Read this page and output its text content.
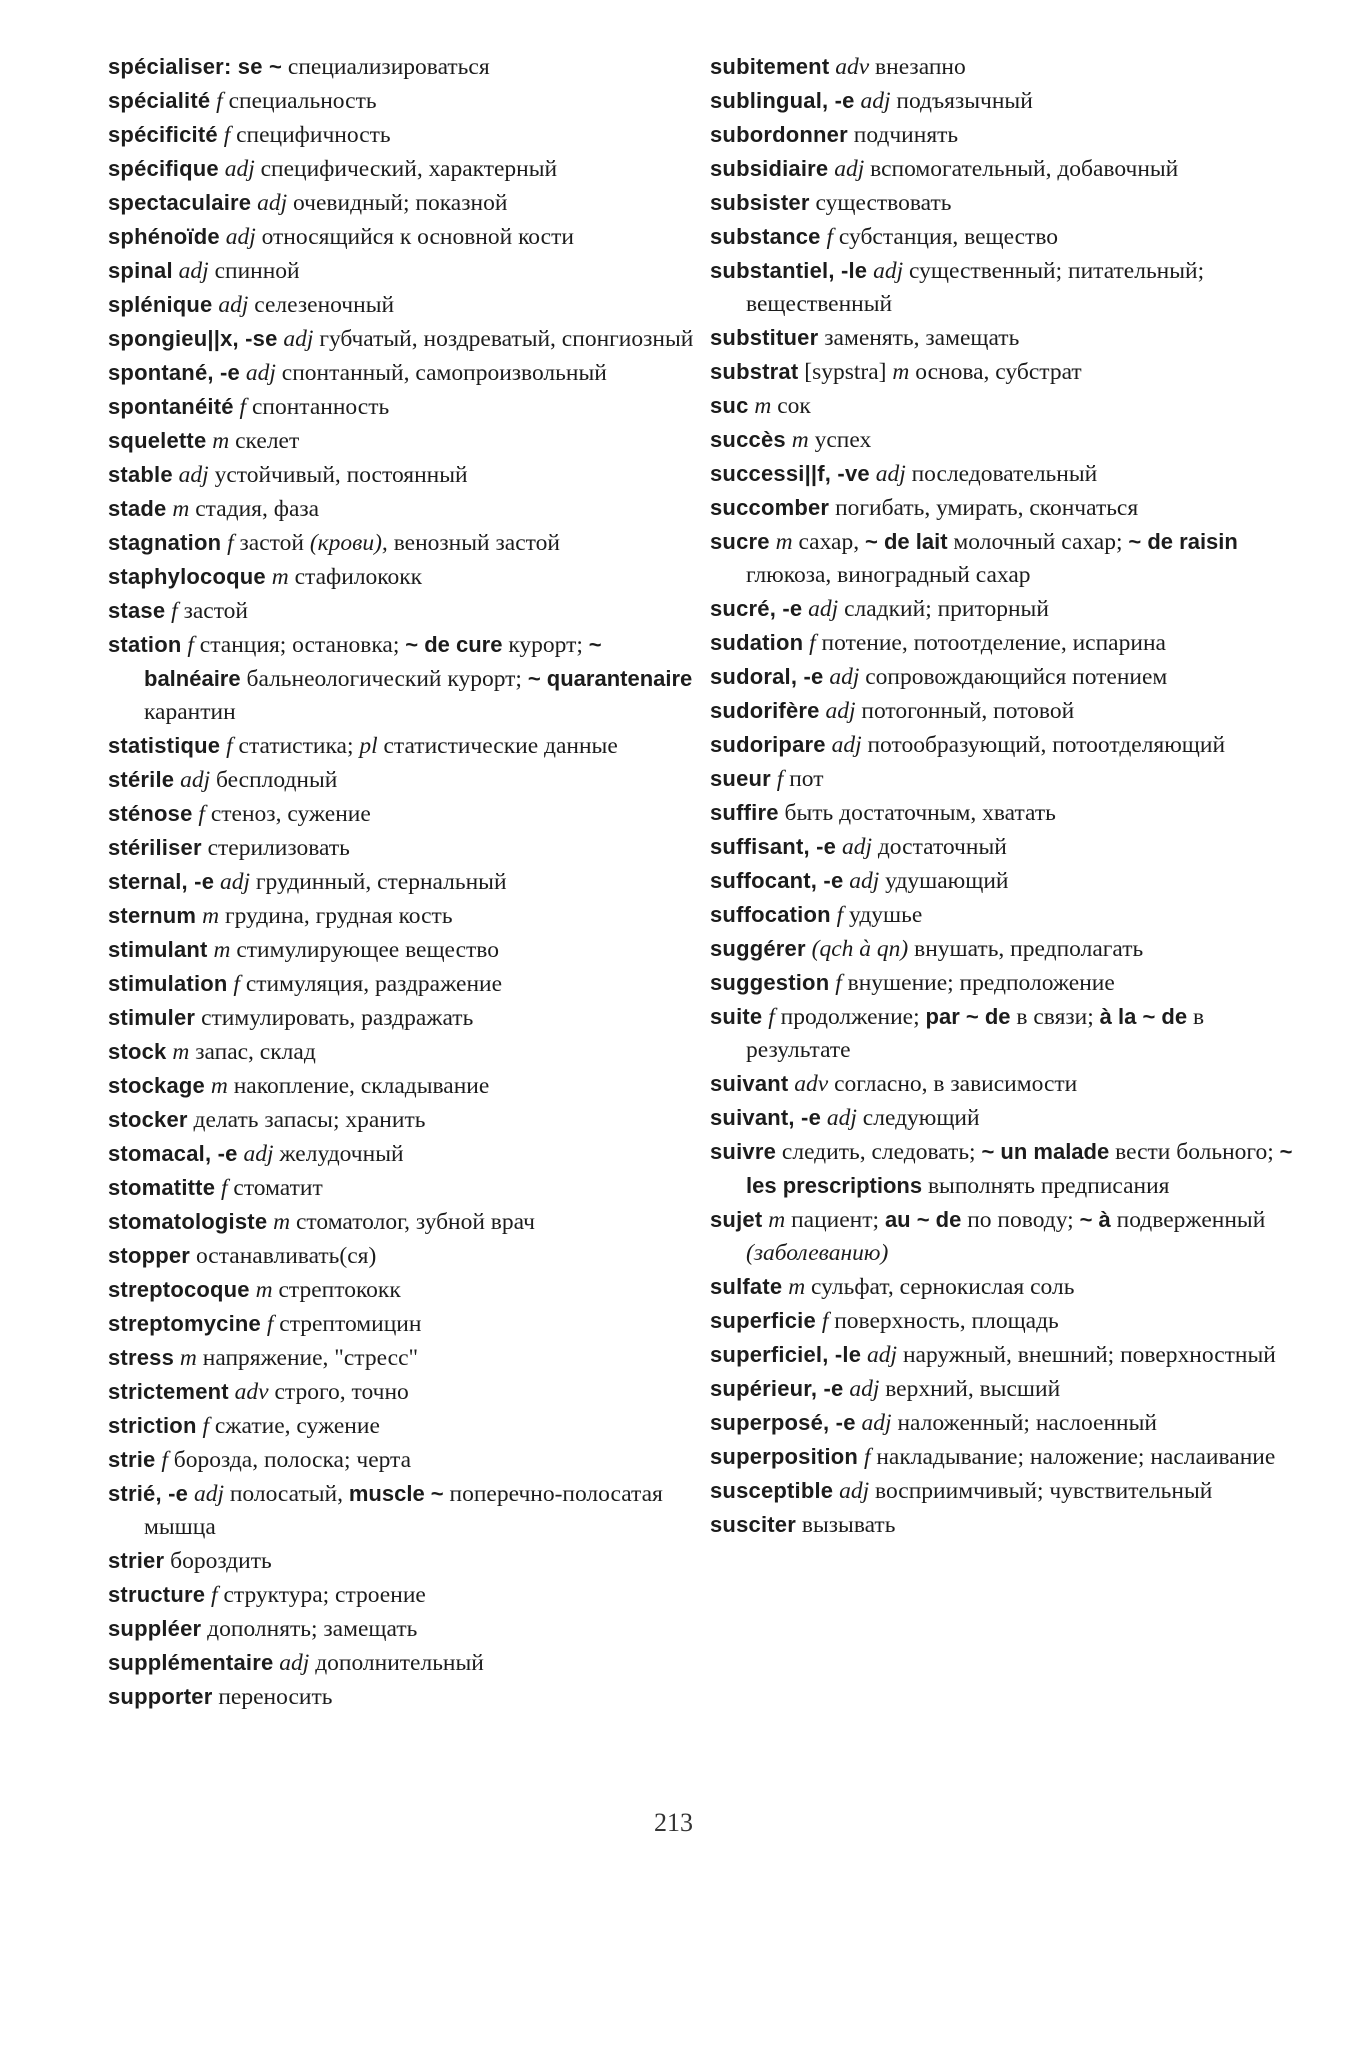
spécialiser: se ~ специализироваться
spécialité f специальность
spécificité f специфичность
spécifique adj специфический, характерный
spectaculaire adj очевидный; показной
sphénoïde adj относящийся к основной кости
spinal adj спинной
splénique adj селезеночный
spongieu||x, -se adj губчатый, ноздреватый, спонгиозный
spontané, -e adj спонтанный, самопроизвольный
spontanéité f спонтанность
squelette m скелет
stable adj устойчивый, постоянный
stade m стадия, фаза
stagnation f застой (крови), венозный застой
staphylocoque m стафилококк
stase f застой
station f станция; остановка; ~ de cure курорт; ~ balnéaire бальнеологический курорт; ~ quarantenaire карантин
statistique f статистика; pl статистические данные
stérile adj бесплодный
sténose f стеноз, сужение
stériliser стерилизовать
sternal, -e adj грудинный, стернальный
sternum m грудина, грудная кость
stimulant m стимулирующее вещество
stimulation f стимуляция, раздражение
stimuler стимулировать, раздражать
stock m запас, склад
stockage m накопление, складывание
stocker делать запасы; хранить
stomacal, -e adj желудочный
stomatitte f стоматит
stomatologiste m стоматолог, зубной врач
stopper останавливать(ся)
streptocoque m стрептококк
streptomycine f стрептомицин
stress m напряжение, "стресс"
strictement adv строго, точно
striction f сжатие, сужение
strie f борозда, полоска; черта
strié, -e adj полосатый, muscle ~ поперечно-полосатая мышца
strier бороздить
structure f структура; строение
suppléer дополнять; замещать
supplémentaire adj дополнительный
supporter переносить
subitement adv внезапно
sublingual, -e adj подъязычный
subordonner подчинять
subsidiaire adj вспомогательный, добавочный
subsister существовать
substance f субстанция, вещество
substantiel, -le adj существенный; питательный; вещественный
substituer заменять, замещать
substrat [sypstra] m основа, субстрат
suc m сок
succès m успех
successi||f, -ve adj последовательный
succomber погибать, умирать, скончаться
sucre m сахар, ~ de lait молочный сахар; ~ de raisin глюкоза, виноградный сахар
sucré, -e adj сладкий; приторный
sudation f потение, потоотделение, испарина
sudoral, -e adj сопровождающийся потением
sudorifère adj потогонный, потовой
sudoripare adj потообразующий, потоотделяющий
sueur f пот
suffire быть достаточным, хватать
suffisant, -e adj достаточный
suffocant, -e adj удушающий
suffocation f удушье
suggérer (qch à qn) внушать, предполагать
suggestion f внушение; предположение
suite f продолжение; par ~ de в связи; à la ~ de в результате
suivant adv согласно, в зависимости
suivant, -e adj следующий
suivre следить, следовать; ~ un malade вести больного; ~ les prescriptions выполнять предписания
sujet m пациент; au ~ de по поводу; ~ à подверженный (заболеванию)
sulfate m сульфат, сернокислая соль
superficie f поверхность, площадь
superficiel, -le adj наружный, внешний; поверхностный
supérieur, -e adj верхний, высший
superposé, -e adj наложенный; наслоенный
superposition f накладывание; наложение; наслаивание
susceptible adj восприимчивый; чувствительный
susciter вызывать
213
